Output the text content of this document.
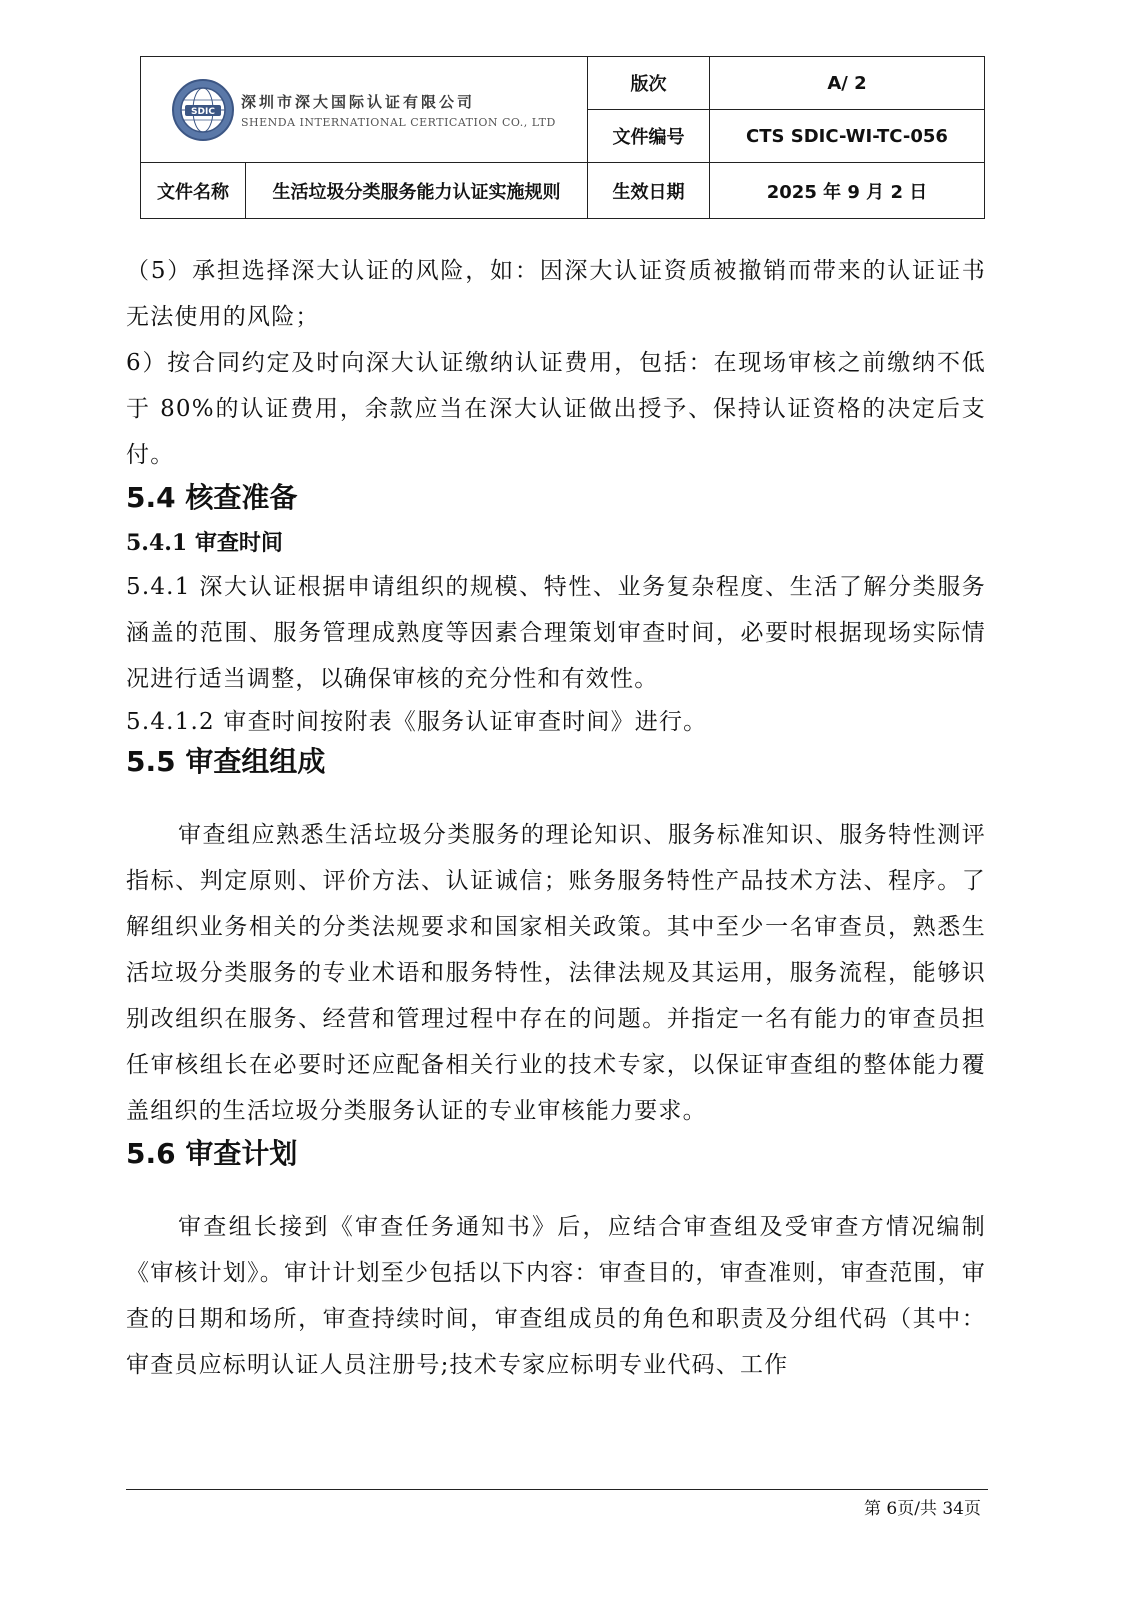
SDIC
深圳市深大国际认证有限公司
SHENDA INTERNATIONAL CERTICATION CO., LTD		版次	A/ 2
		文件编号	CTS SDIC-WI-TC-056
文件名称	生活垃圾分类服务能力认证实施规则	生效日期	2025 年 9 月 2 日

（5）承担选择深大认证的风险，如：因深大认证资质被撤销而带来的认证证书无法使用的风险；

6）按合同约定及时向深大认证缴纳认证费用，包括：在现场审核之前缴纳不低于 80%的认证费用，余款应当在深大认证做出授予、保持认证资格的决定后支付。

5.4 核查准备
5.4.1 审查时间

5.4.1 深大认证根据申请组织的规模、特性、业务复杂程度、生活了解分类服务涵盖的范围、服务管理成熟度等因素合理策划审查时间，必要时根据现场实际情况进行适当调整，以确保审核的充分性和有效性。

5.4.1.2 审查时间按附表《服务认证审查时间》进行。

5.5 审查组组成

审查组应熟悉生活垃圾分类服务的理论知识、服务标准知识、服务特性测评指标、判定原则、评价方法、认证诚信；账务服务特性产品技术方法、程序。了解组织业务相关的分类法规要求和国家相关政策。其中至少一名审查员，熟悉生活垃圾分类服务的专业术语和服务特性，法律法规及其运用，服务流程，能够识别改组织在服务、经营和管理过程中存在的问题。并指定一名有能力的审查员担任审核组长在必要时还应配备相关行业的技术专家，以保证审查组的整体能力覆盖组织的生活垃圾分类服务认证的专业审核能力要求。

5.6 审查计划

审查组长接到《审查任务通知书》后，应结合审查组及受审查方情况编制《审核计划》。审计计划至少包括以下内容：审查目的，审查准则，审查范围，审查的日期和场所，审查持续时间，审查组成员的角色和职责及分组代码（其中：审查员应标明认证人员注册号;技术专家应标明专业代码、工作

第 6页/共 34页
